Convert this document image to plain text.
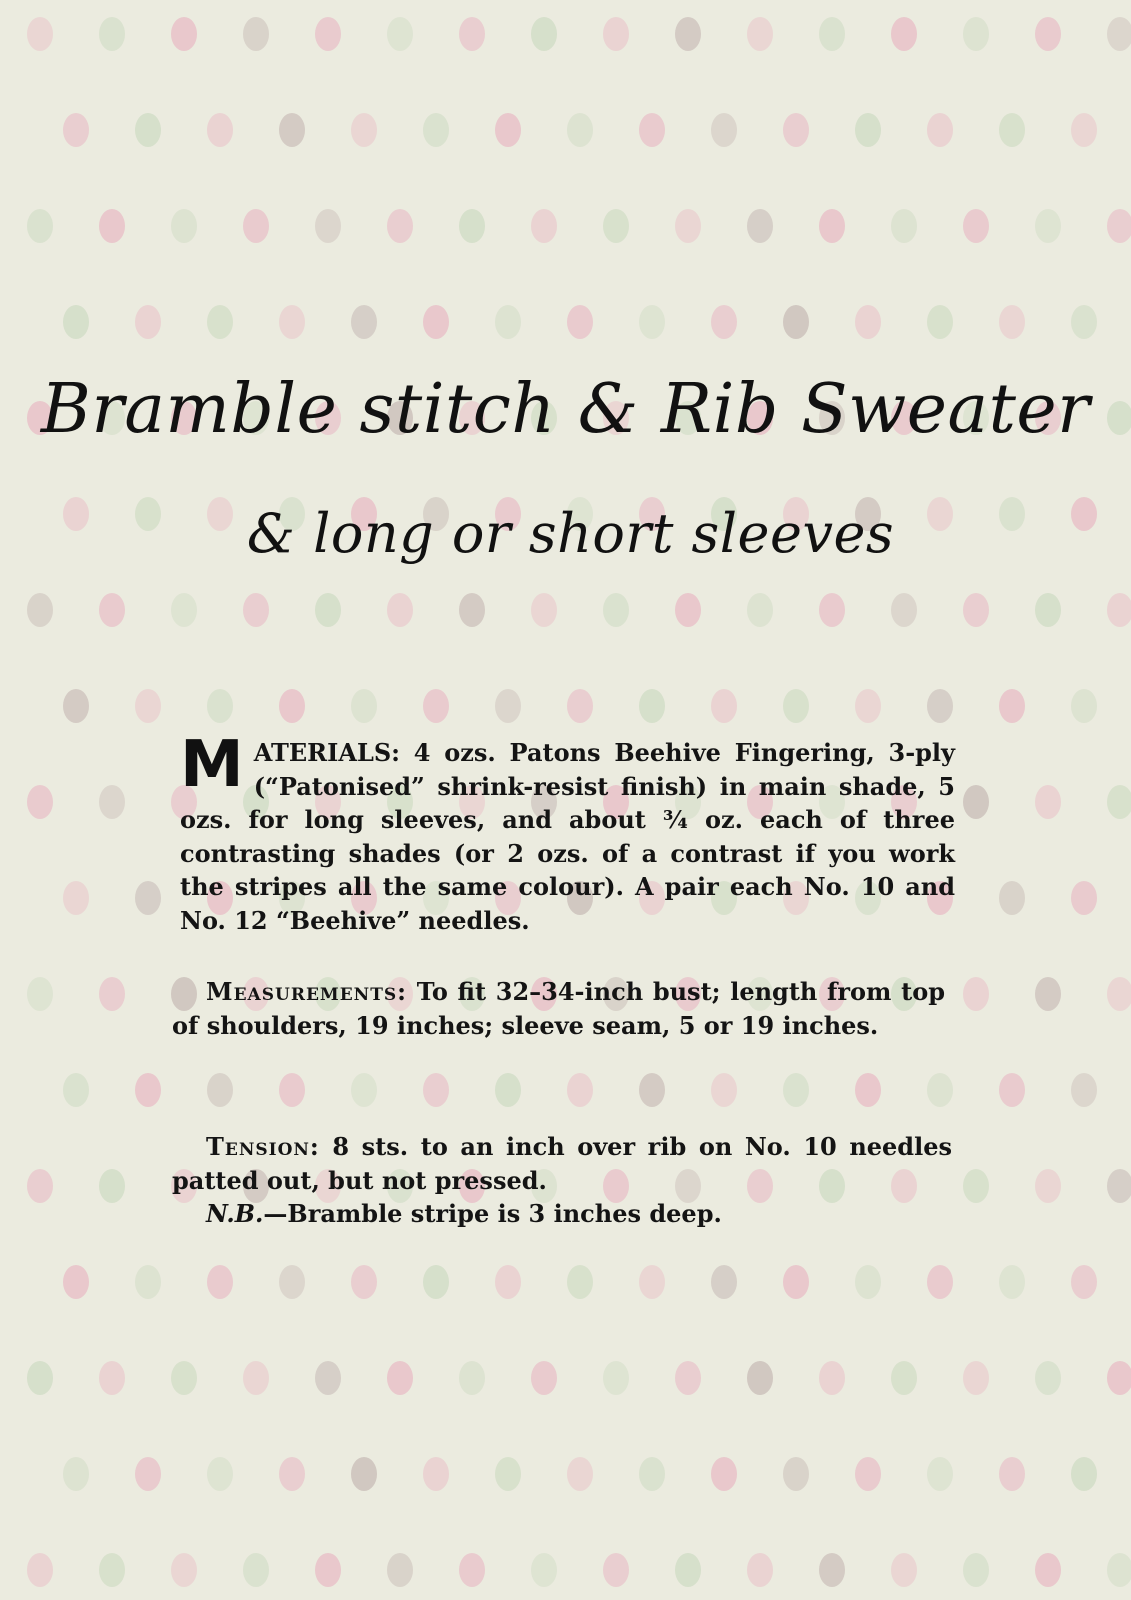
Bramble stitch & Rib Sweater
& long or short sleeves

MATERIALS: 4 ozs. Patons Beehive Fingering, 3-ply (“Patonised” shrink-resist finish) in main shade, 5 ozs. for long sleeves, and about ¾ oz. each of three contrasting shades (or 2 ozs. of a contrast if you work the stripes all the same colour). A pair each No. 10 and No. 12 “Beehive” needles.

Measurements: To fit 32–34-inch bust; length from top of shoulders, 19 inches; sleeve seam, 5 or 19 inches.

Tension: 8 sts. to an inch over rib on No. 10 needles patted out, but not pressed.
N.B.—Bramble stripe is 3 inches deep.
